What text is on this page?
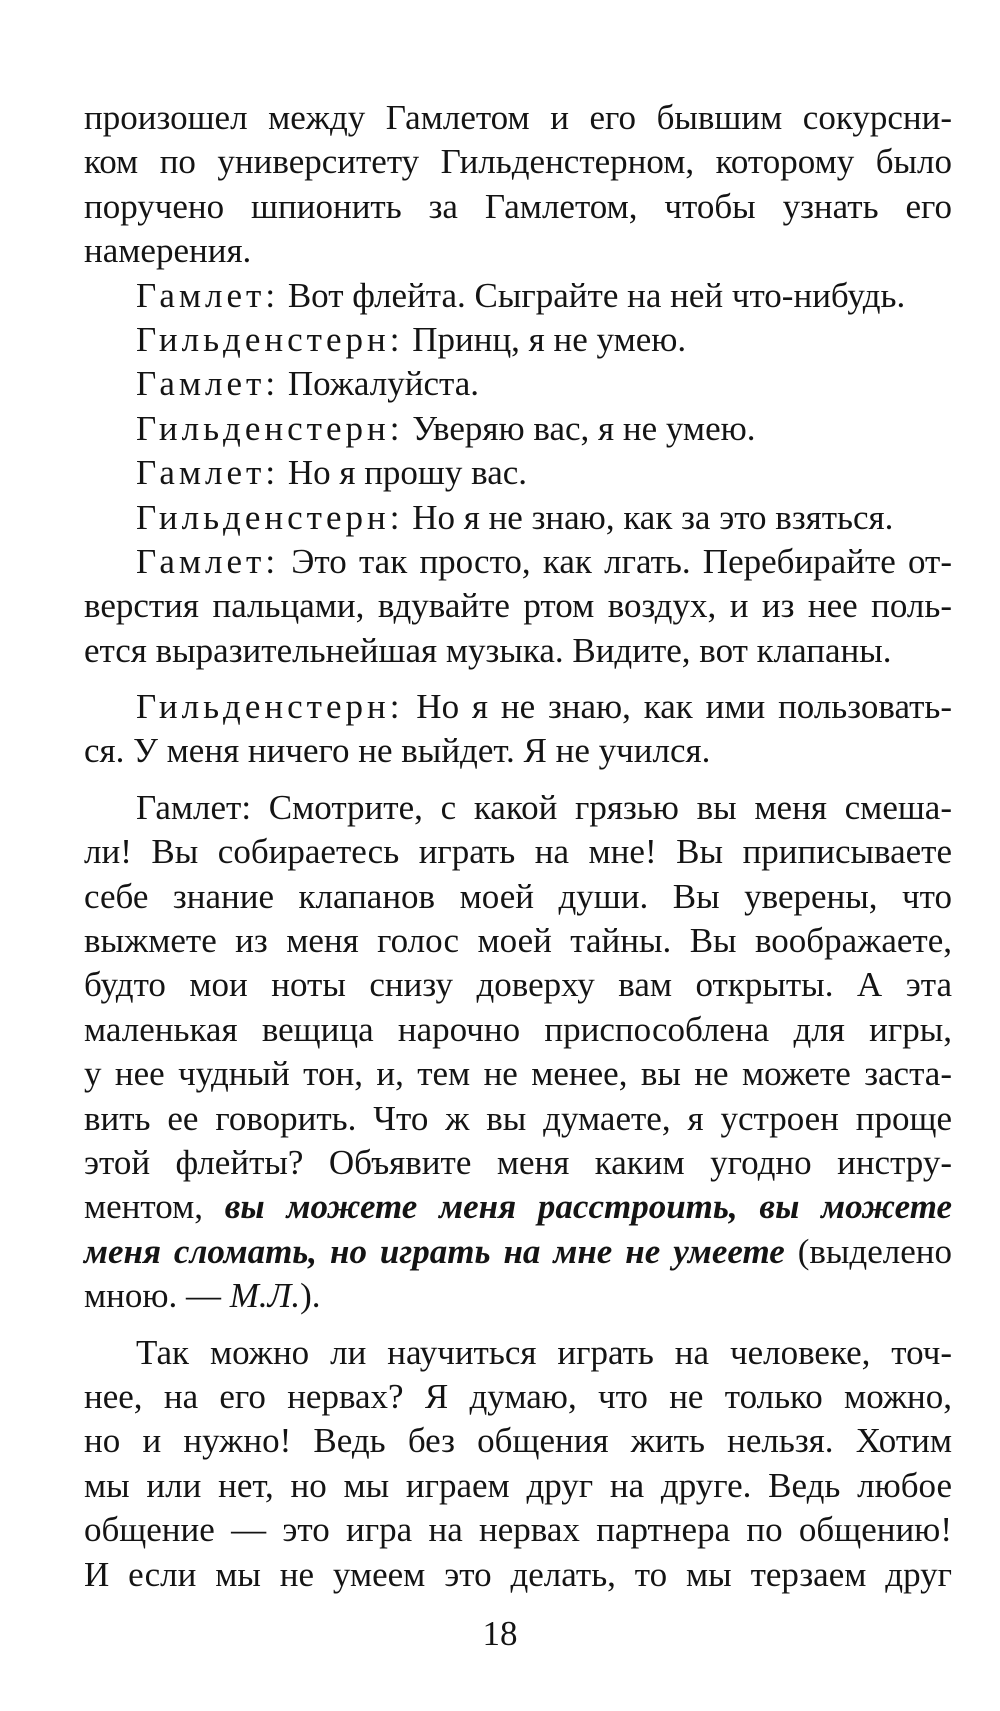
произошел между Гамлетом и его бывшим сокурсни-
ком по университету Гильденстерном, которому было
поручено шпионить за Гамлетом, чтобы узнать его
намерения.
Гамлет: Вот флейта. Сыграйте на ней что-нибудь.
Гильденстерн: Принц, я не умею.
Гамлет: Пожалуйста.
Гильденстерн: Уверяю вас, я не умею.
Гамлет: Но я прошу вас.
Гильденстерн: Но я не знаю, как за это взяться.
Гамлет: Это так просто, как лгать. Перебирайте от-
верстия пальцами, вдувайте ртом воздух, и из нее поль-
ется выразительнейшая музыка. Видите, вот клапаны.
Гильденстерн: Но я не знаю, как ими пользовать-
ся. У меня ничего не выйдет. Я не учился.
Гамлет: Смотрите, с какой грязью вы меня смеша-
ли! Вы собираетесь играть на мне! Вы приписываете
себе знание клапанов моей души. Вы уверены, что
выжмете из меня голос моей тайны. Вы воображаете,
будто мои ноты снизу доверху вам открыты. А эта
маленькая вещица нарочно приспособлена для игры,
у нее чудный тон, и, тем не менее, вы не можете заста-
вить ее говорить. Что ж вы думаете, я устроен проще
этой флейты? Объявите меня каким угодно инстру-
ментом, вы можете меня расстроить, вы можете
меня сломать, но играть на мне не умеете (выделено
мною. — М.Л.).
Так можно ли научиться играть на человеке, точ-
нее, на его нервах? Я думаю, что не только можно,
но и нужно! Ведь без общения жить нельзя. Хотим
мы или нет, но мы играем друг на друге. Ведь любое
общение — это игра на нервах партнера по общению!
И если мы не умеем это делать, то мы терзаем друг
18
